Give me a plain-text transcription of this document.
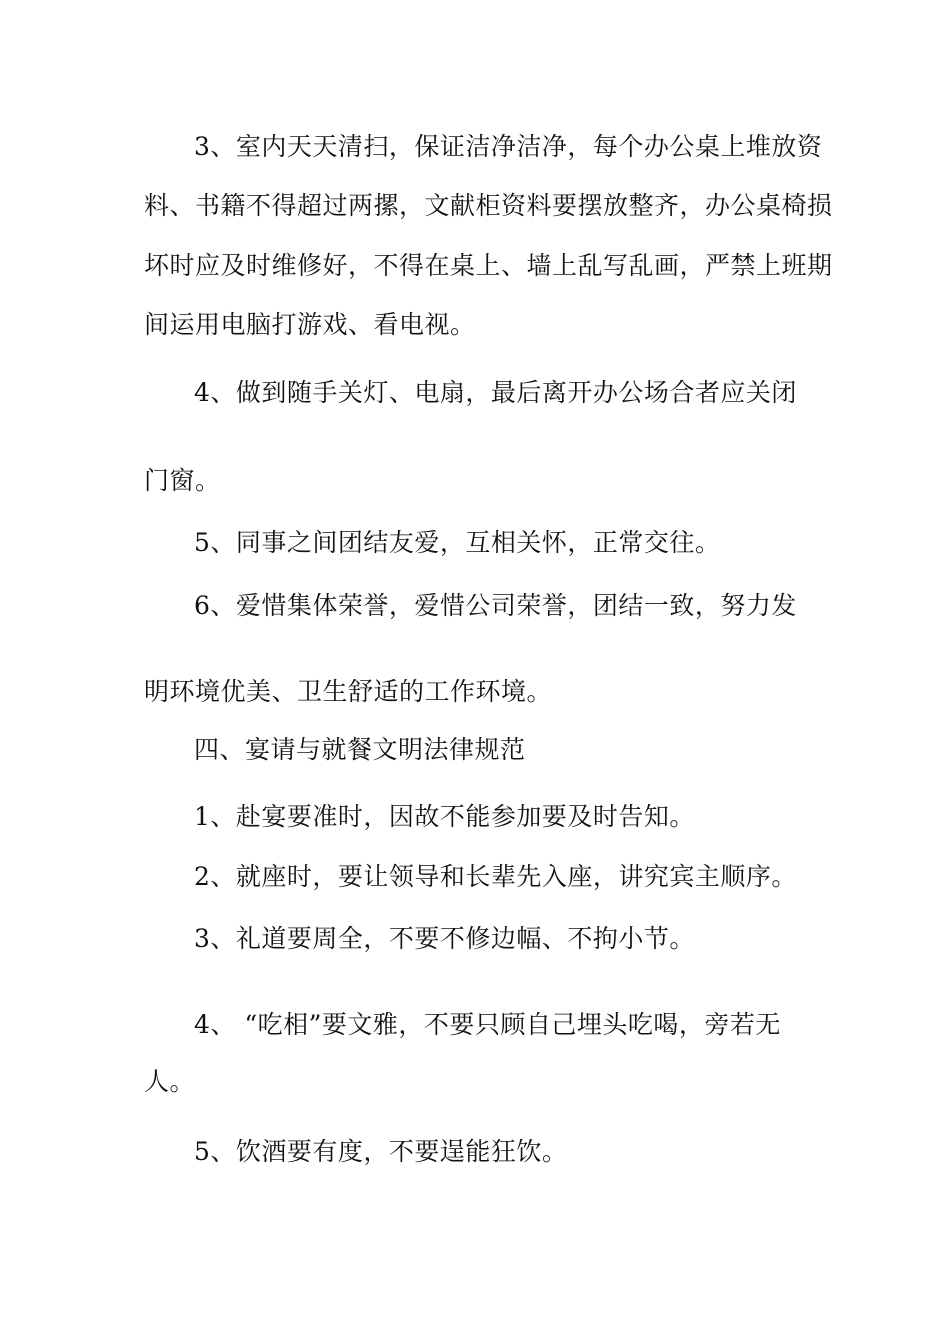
3、室内天天清扫，保证洁净洁净，每个办公桌上堆放资
料、书籍不得超过两摞，文献柜资料要摆放整齐，办公桌椅损
坏时应及时维修好，不得在桌上、墙上乱写乱画，严禁上班期
间运用电脑打游戏、看电视。
4、做到随手关灯、电扇，最后离开办公场合者应关闭
门窗。
5、同事之间团结友爱，互相关怀，正常交往。
6、爱惜集体荣誉，爱惜公司荣誉，团结一致，努力发
明环境优美、卫生舒适的工作环境。
四、宴请与就餐文明法律规范
1、赴宴要准时，因故不能参加要及时告知。
2、就座时，要让领导和长辈先入座，讲究宾主顺序。
3、礼道要周全，不要不修边幅、不拘小节。
4、 “吃相”要文雅，不要只顾自己埋头吃喝，旁若无
人。
5、饮酒要有度，不要逞能狂饮。
